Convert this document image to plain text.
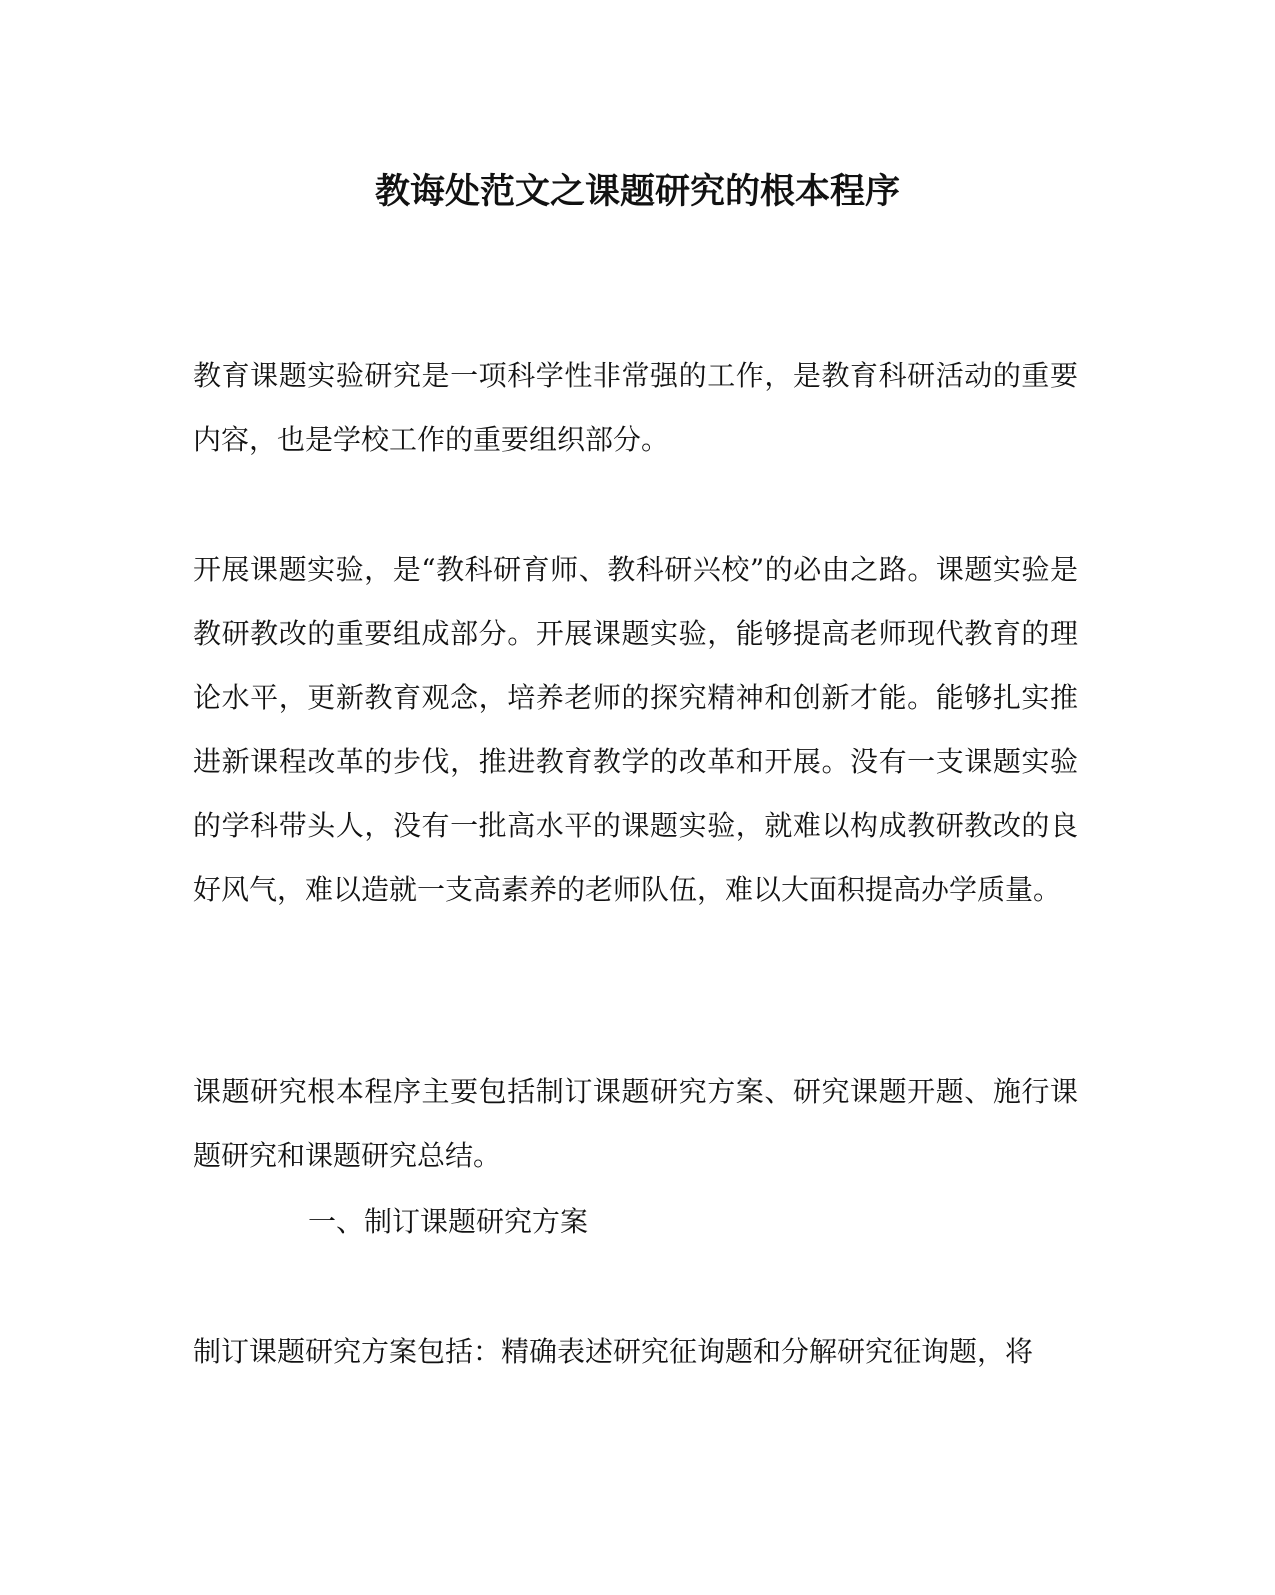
教诲处范文之课题研究的根本程序

教育课题实验研究是一项科学性非常强的工作，是教育科研活动的重要内容，也是学校工作的重要组织部分。

开展课题实验，是“教科研育师、教科研兴校”的必由之路。课题实验是教研教改的重要组成部分。开展课题实验，能够提高老师现代教育的理论水平，更新教育观念，培养老师的探究精神和创新才能。能够扎实推进新课程改革的步伐，推进教育教学的改革和开展。没有一支课题实验的学科带头人，没有一批高水平的课题实验，就难以构成教研教改的良好风气，难以造就一支高素养的老师队伍，难以大面积提高办学质量。

课题研究根本程序主要包括制订课题研究方案、研究课题开题、施行课题研究和课题研究总结。

一、制订课题研究方案

制订课题研究方案包括：精确表述研究征询题和分解研究征询题，将
